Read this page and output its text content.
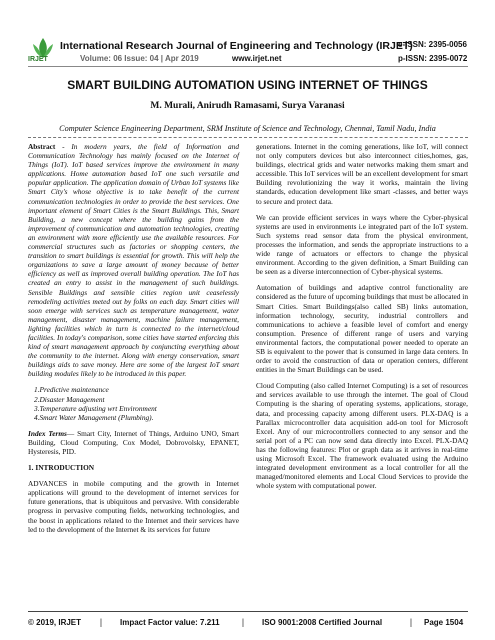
IRJET
International Research Journal of Engineering and Technology (IRJET)
Volume: 06 Issue: 04 | Apr 2019	www.irjet.net
e-ISSN: 2395-0056
p-ISSN: 2395-0072
SMART BUILDING AUTOMATION USING INTERNET OF THINGS
M. Murali, Anirudh Ramasami, Surya Varanasi
Computer Science Engineering Department, SRM Institute of Science and Technology, Chennai, Tamil Nadu, India

Abstract - In modern years, the field of Information and Communication Technology has mainly focused on the Internet of Things (IoT). IoT based services improve the environment in many applications. Home automation based IoT one such versatile and popular application. The application domain of Urban IoT systems like Smart City's whose objective is to take benefit of the current communication technologies in order to provide the best services. One important element of Smart Cities is the Smart Buildings. This, Smart Building, a new concept where the building gains from the improvement of communication and automation technologies, creating an environment with more efficiently use the available resources. For commercial structures such as factories or shopping centers, the transition to smart buildings is essential for growth. This will help the organizations to save a large amount of money because of better efficiency as well as improved overall building operation. The IoT has created an entry to assist in the management of such buildings. Sensible Buildings and sensible cities region unit ceaselessly remodeling activities meted out by folks on each day. Smart cities will soon emerge with services such as temperature management, water management, disaster management, machine failure management, lighting facilities which in turn is connected to the internet/cloud facilities. In today's comparison, some cities have started enforcing this kind of smart management approach by conjuncting everything about the community to the internet. Along with energy conservation, smart buildings aids to save money. Here are some of the largest IoT smart building modules likely to be introduced in this paper.

1.Predictive maintenance
2.Disaster Management
3.Temperature adjusting wrt Environment
4.Smart Water Management (Plumbing).

Index Terms— Smart City, Internet of Things, Arduino UNO, Smart Building, Cloud Computing, Cox Model, Dobrovolsky, EPANET, Hysteresis, PID.

1. INTRODUCTION

ADVANCES in mobile computing and the growth in Internet applications will ground to the development of internet services for future generations, that is ubiquitous and pervasive. With considerable progress in pervasive computing fields, networking technologies, and the boost in applications related to the Internet and their services have led to the development of the Internet & its services for future

generations. Internet in the coming generations, like IoT, will connect not only computers devices but also interconnect cities,homes, gas, buildings, electrical grids and water networks making them smart and accessible. This IoT services will be an excellent development for smart Building revolutionizing the way it works, maintain the living standards, education development like smart -classes, and better ways to secure and protect data.

We can provide efficient services in ways where the Cyber-physical systems are used in environments i.e integrated part of the IoT system. Such systems read sensor data from the physical environment, processes the information, and sends the appropriate instructions to a wide range of actuators or effectors to change the physical environment. According to the given definition, a Smart Building can be seen as a diverse interconnection of Cyber-physical systems.

Automation of buildings and adaptive control functionality are considered as the future of upcoming buildings that must be allocated in Smart Cities. Smart Buildings(also called SB) links automation, information technology, security, industrial controllers and communications to achieve a feasible level of comfort and energy consumption. Presence of different range of users and varying environmental factors, the computational power needed to operate an SB is equivalent to the power that is consumed in large data centers. In order to avoid the construction of data or operation centers, different entities in the Smart Buildings can be used.

Cloud Computing (also called Internet Computing) is a set of resources and services available to use through the internet. The goal of Cloud Computing is the sharing of operating systems, applications, storage, data, and processing capacity among different users. PLX-DAQ is a Parallax microcontroller data acquisition add-on tool for Microsoft Excel. Any of our microcontrollers connected to any sensor and the serial port of a PC can now send data directly into Excel. PLX-DAQ has the following features: Plot or graph data as it arrives in real-time using Microsoft Excel. The framework evaluated using the Arduino integrated development environment as a local controller for all the managed/monitored elements and Local Cloud Services to provide the whole system with computational power.

© 2019, IRJET | Impact Factor value: 7.211 | ISO 9001:2008 Certified Journal	| Page 1504
